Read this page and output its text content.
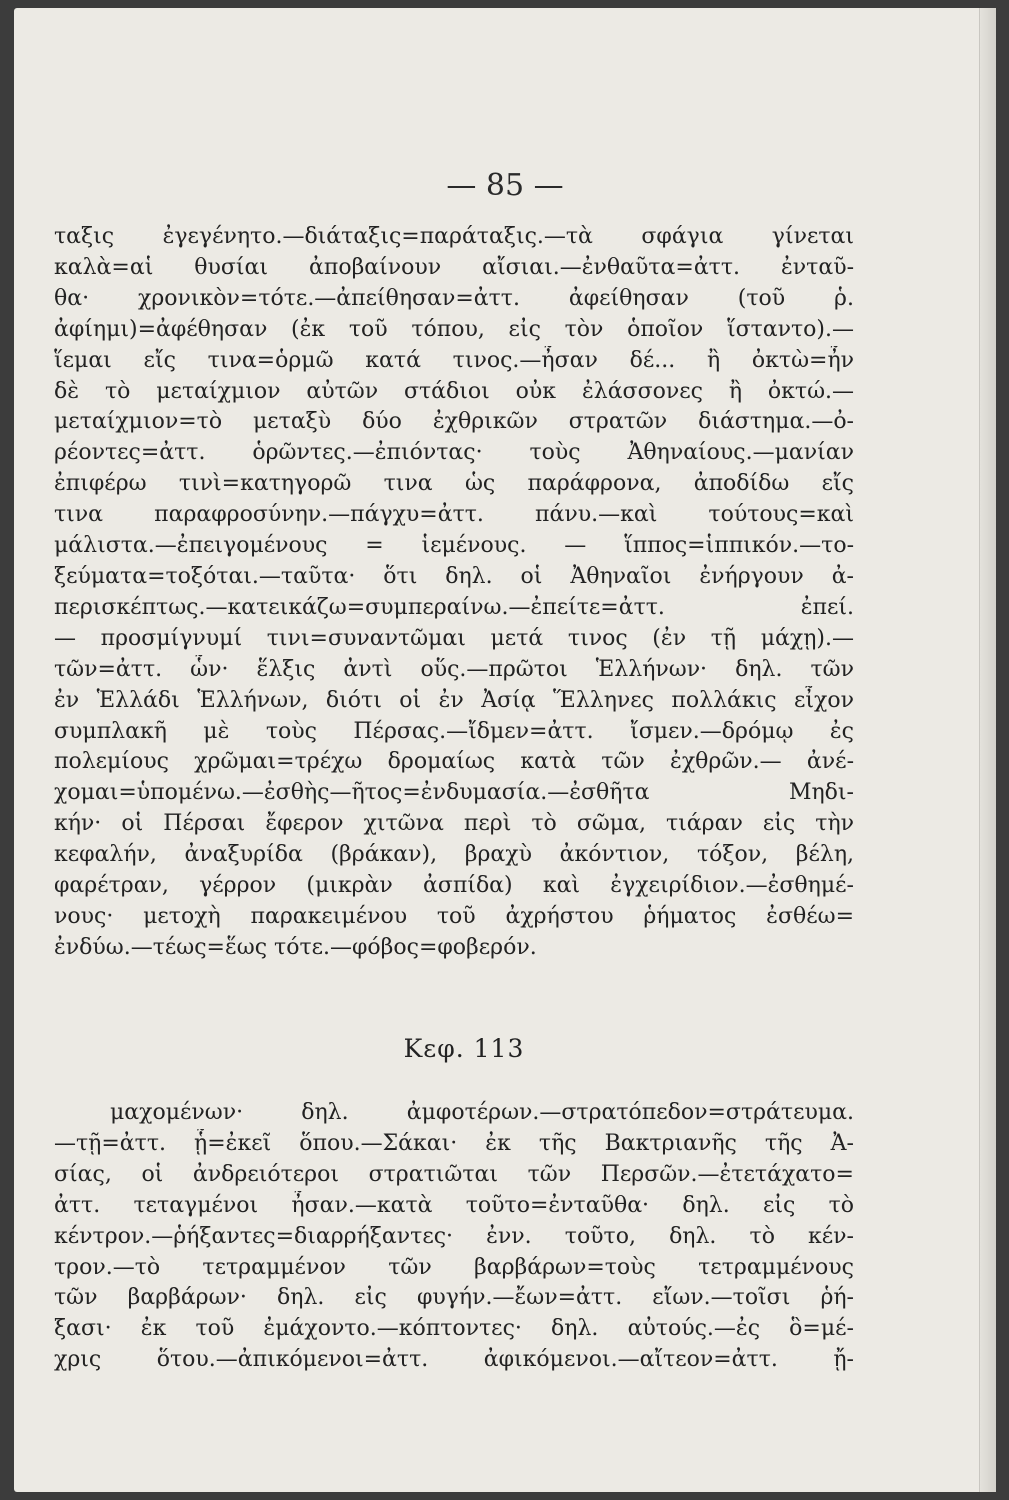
— 85 —
ταξις ἐγεγένητο.—διάταξις=παράταξις.—τὰ σφάγια γίνεται
καλὰ=αἱ θυσίαι ἀποβαίνουν αἴσιαι.—ἐνθαῦτα=ἀττ. ἐνταῦ-
θα· χρονικὸν=τότε.—ἀπείθησαν=ἀττ. ἀφείθησαν (τοῦ ῥ.
ἀφίημι)=ἀφέθησαν (ἐκ τοῦ τόπου, εἰς τὸν ὁποῖον ἵσταντο).—
ἵεμαι εἴς τινα=ὁρμῶ κατά τινος.—ἦσαν δέ... ἢ ὀκτὼ=ἦν
δὲ τὸ μεταίχμιον αὐτῶν στάδιοι οὐκ ἐλάσσονες ἢ ὀκτώ.—
μεταίχμιον=τὸ μεταξὺ δύο ἐχθρικῶν στρατῶν διάστημα.—ὀ-
ρέοντες=ἀττ. ὁρῶντες.—ἐπιόντας· τοὺς Ἀθηναίους.—μανίαν
ἐπιφέρω τινὶ=κατηγορῶ τινα ὡς παράφρονα, ἀποδίδω εἴς
τινα παραφροσύνην.—πάγχυ=ἀττ. πάνυ.—καὶ τούτους=καὶ
μάλιστα.—ἐπειγομένους = ἱεμένους. — ἵππος=ἱππικόν.—το-
ξεύματα=τοξόται.—ταῦτα· ὅτι δηλ. οἱ Ἀθηναῖοι ἐνήργουν ἀ-
περισκέπτως.—κατεικάζω=συμπεραίνω.—ἐπείτε=ἀττ. ἐπεί.
— προσμίγνυμί τινι=συναντῶμαι μετά τινος (ἐν τῇ μάχῃ).—
τῶν=ἀττ. ὧν· ἕλξις ἀντὶ οὕς.—πρῶτοι Ἑλλήνων· δηλ. τῶν
ἐν Ἑλλάδι Ἑλλήνων, διότι οἱ ἐν Ἀσίᾳ Ἕλληνες πολλάκις εἶχον
συμπλακῆ μὲ τοὺς Πέρσας.—ἴδμεν=ἀττ. ἴσμεν.—δρόμῳ ἐς
πολεμίους χρῶμαι=τρέχω δρομαίως κατὰ τῶν ἐχθρῶν.— ἀνέ-
χομαι=ὑπομένω.—ἐσθὴς—ῆτος=ἐνδυμασία.—ἐσθῆτα Μηδι-
κήν· οἱ Πέρσαι ἔφερον χιτῶνα περὶ τὸ σῶμα, τιάραν εἰς τὴν
κεφαλήν, ἀναξυρίδα (βράκαν), βραχὺ ἀκόντιον, τόξον, βέλη,
φαρέτραν, γέρρον (μικρὰν ἀσπίδα) καὶ ἐγχειρίδιον.—ἐσθημέ-
νους· μετοχὴ παρακειμένου τοῦ ἀχρήστου ῥήματος ἐσθέω=
ἐνδύω.—τέως=ἕως τότε.—φόβος=φοβερόν.
Κεφ. 113
μαχομένων· δηλ. ἀμφοτέρων.—στρατόπεδον=στράτευμα.
—τῇ=ἀττ. ᾗ=ἐκεῖ ὅπου.—Σάκαι· ἐκ τῆς Βακτριανῆς τῆς Ἀ-
σίας, οἱ ἀνδρειότεροι στρατιῶται τῶν Περσῶν.—ἐτετάχατο=
ἀττ. τεταγμένοι ἦσαν.—κατὰ τοῦτο=ἐνταῦθα· δηλ. εἰς τὸ
κέντρον.—ῥήξαντες=διαρρήξαντες· ἐνν. τοῦτο, δηλ. τὸ κέν-
τρον.—τὸ τετραμμένον τῶν βαρβάρων=τοὺς τετραμμένους
τῶν βαρβάρων· δηλ. εἰς φυγήν.—ἔων=ἀττ. εἴων.—τοῖσι ῥή-
ξασι· ἐκ τοῦ ἐμάχοντο.—κόπτοντες· δηλ. αὐτούς.—ἐς ὃ=μέ-
χρις ὅτου.—ἀπικόμενοι=ἀττ. ἀφικόμενοι.—αἴτεον=ἀττ. ᾔ-
